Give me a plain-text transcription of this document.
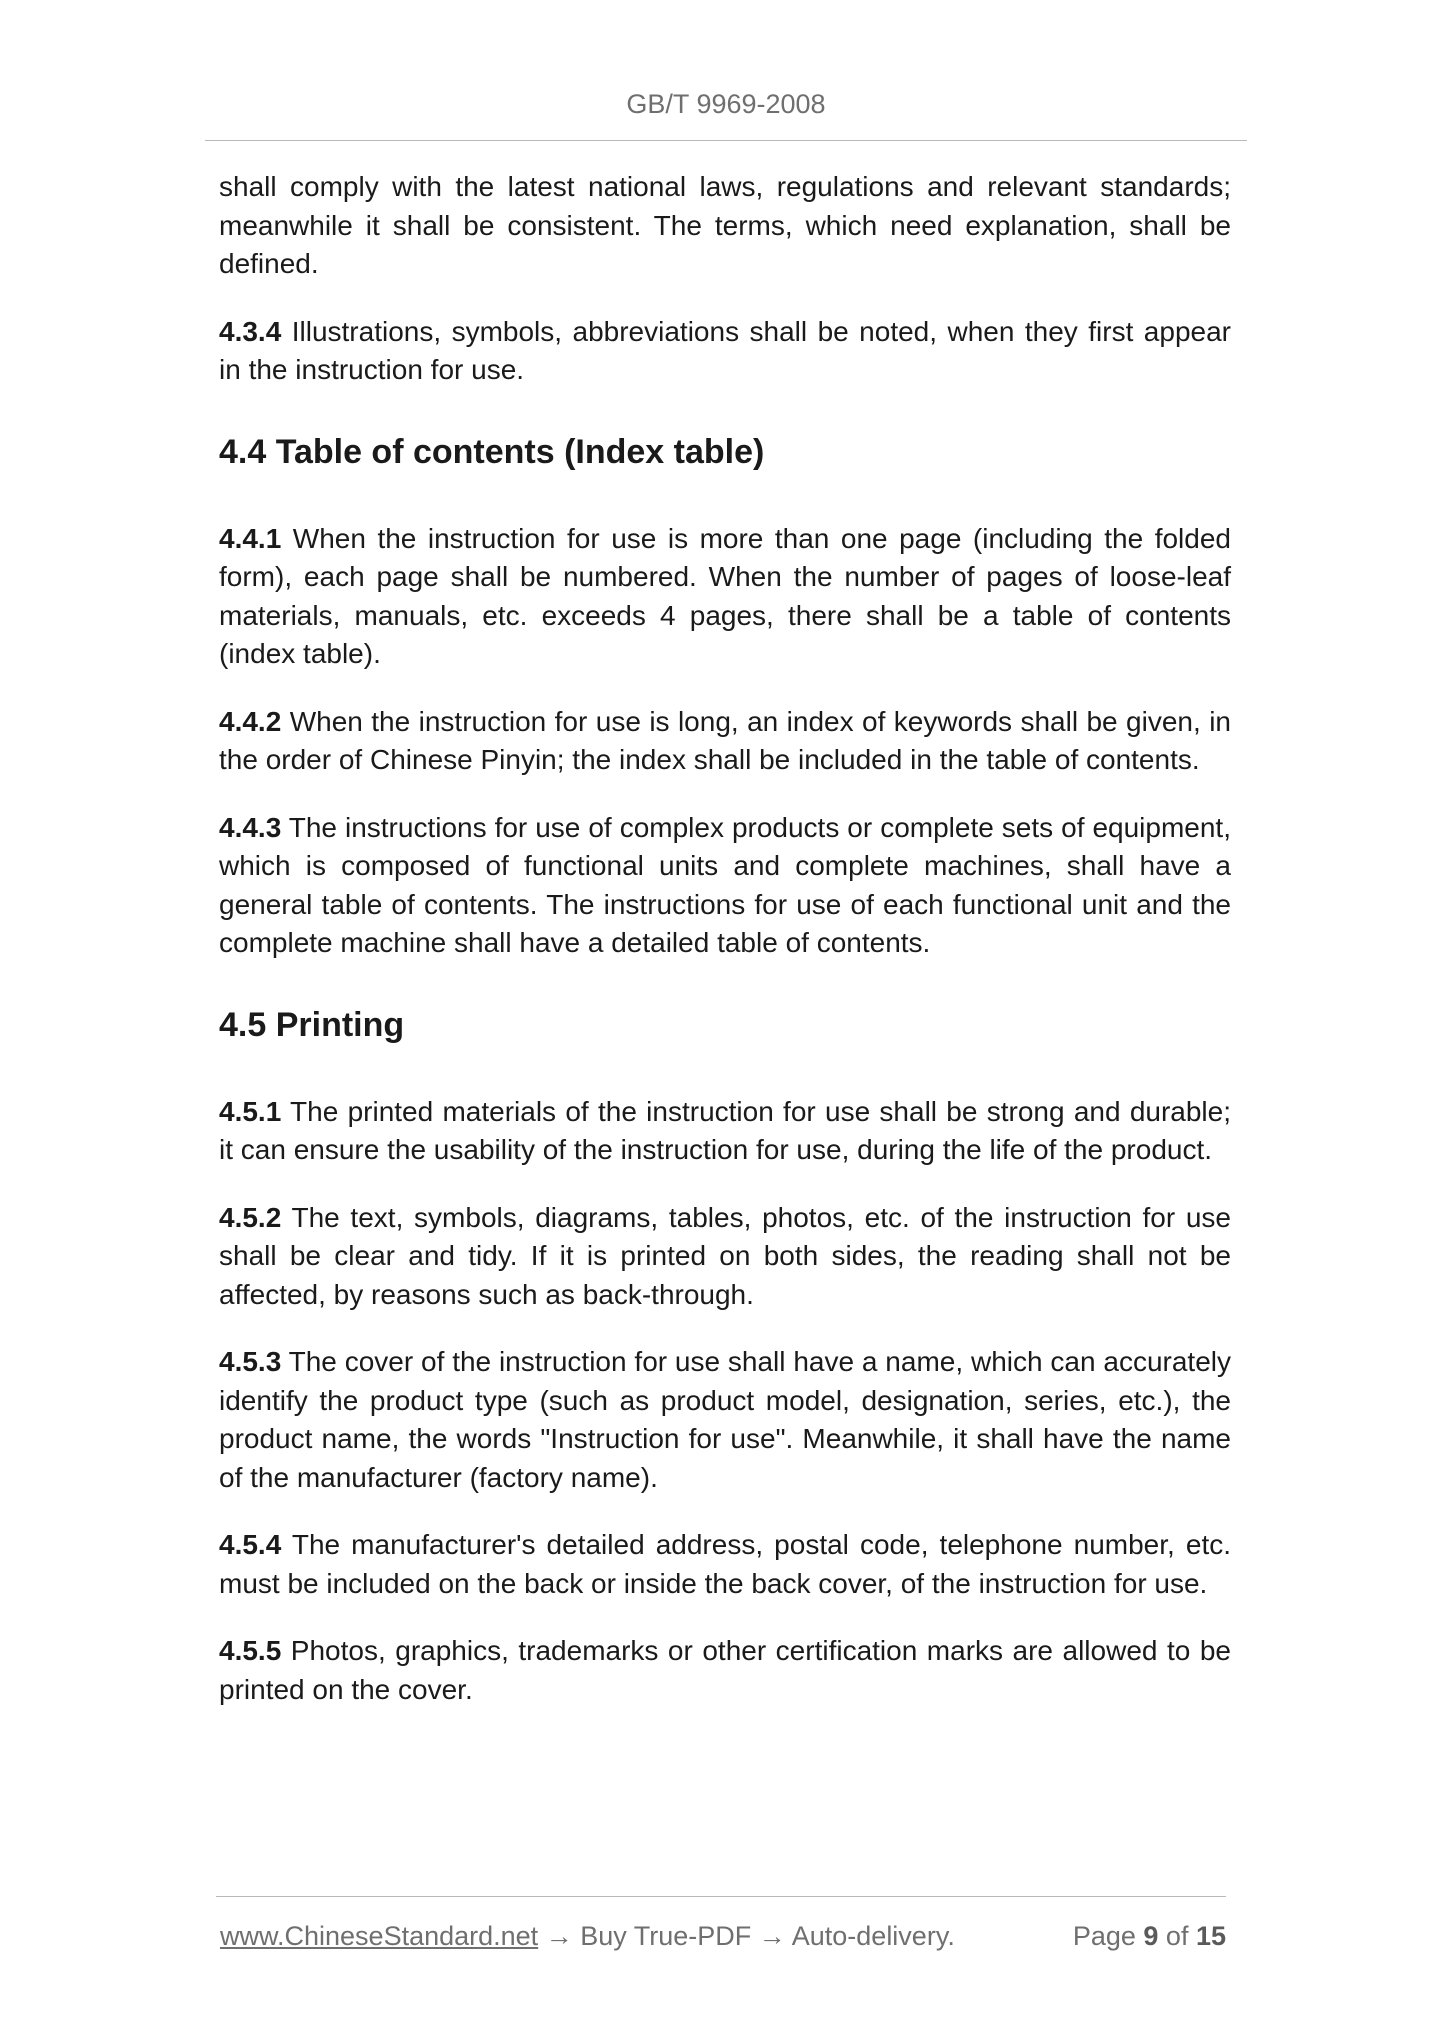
GB/T 9969-2008

shall comply with the latest national laws, regulations and relevant standards; meanwhile it shall be consistent. The terms, which need explanation, shall be defined.

4.3.4 Illustrations, symbols, abbreviations shall be noted, when they first appear in the instruction for use.

4.4 Table of contents (Index table)

4.4.1 When the instruction for use is more than one page (including the folded form), each page shall be numbered. When the number of pages of loose-leaf materials, manuals, etc. exceeds 4 pages, there shall be a table of contents (index table).

4.4.2 When the instruction for use is long, an index of keywords shall be given, in the order of Chinese Pinyin; the index shall be included in the table of contents.

4.4.3 The instructions for use of complex products or complete sets of equipment, which is composed of functional units and complete machines, shall have a general table of contents. The instructions for use of each functional unit and the complete machine shall have a detailed table of contents.

4.5 Printing

4.5.1 The printed materials of the instruction for use shall be strong and durable; it can ensure the usability of the instruction for use, during the life of the product.

4.5.2 The text, symbols, diagrams, tables, photos, etc. of the instruction for use shall be clear and tidy. If it is printed on both sides, the reading shall not be affected, by reasons such as back-through.

4.5.3 The cover of the instruction for use shall have a name, which can accurately identify the product type (such as product model, designation, series, etc.), the product name, the words "Instruction for use". Meanwhile, it shall have the name of the manufacturer (factory name).

4.5.4 The manufacturer's detailed address, postal code, telephone number, etc. must be included on the back or inside the back cover, of the instruction for use.

4.5.5 Photos, graphics, trademarks or other certification marks are allowed to be printed on the cover.

www.ChineseStandard.net → Buy True-PDF → Auto-delivery.	Page 9 of 15
